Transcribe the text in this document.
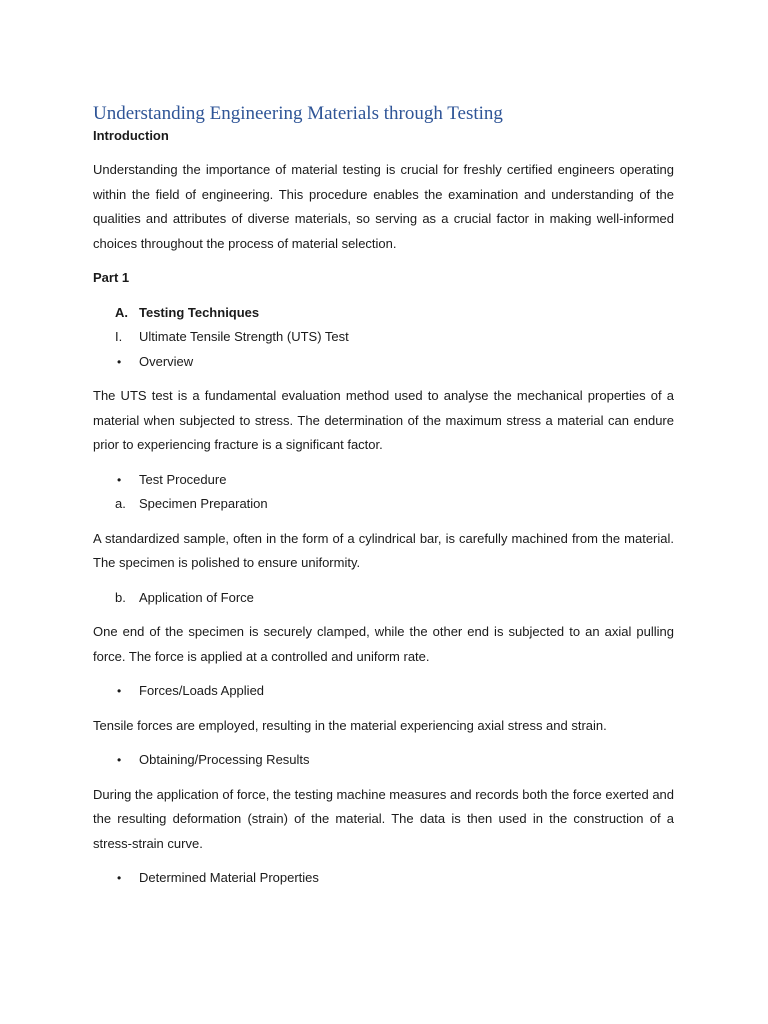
Understanding Engineering Materials through Testing
Introduction

Understanding the importance of material testing is crucial for freshly certified engineers operating within the field of engineering. This procedure enables the examination and understanding of the qualities and attributes of diverse materials, so serving as a crucial factor in making well-informed choices throughout the process of material selection.

Part 1
A. Testing Techniques
I. Ultimate Tensile Strength (UTS) Test
• Overview

The UTS test is a fundamental evaluation method used to analyse the mechanical properties of a material when subjected to stress. The determination of the maximum stress a material can endure prior to experiencing fracture is a significant factor.

• Test Procedure
a. Specimen Preparation

A standardized sample, often in the form of a cylindrical bar, is carefully machined from the material. The specimen is polished to ensure uniformity.

b. Application of Force

One end of the specimen is securely clamped, while the other end is subjected to an axial pulling force. The force is applied at a controlled and uniform rate.

• Forces/Loads Applied

Tensile forces are employed, resulting in the material experiencing axial stress and strain.

• Obtaining/Processing Results

During the application of force, the testing machine measures and records both the force exerted and the resulting deformation (strain) of the material. The data is then used in the construction of a stress-strain curve.

• Determined Material Properties
